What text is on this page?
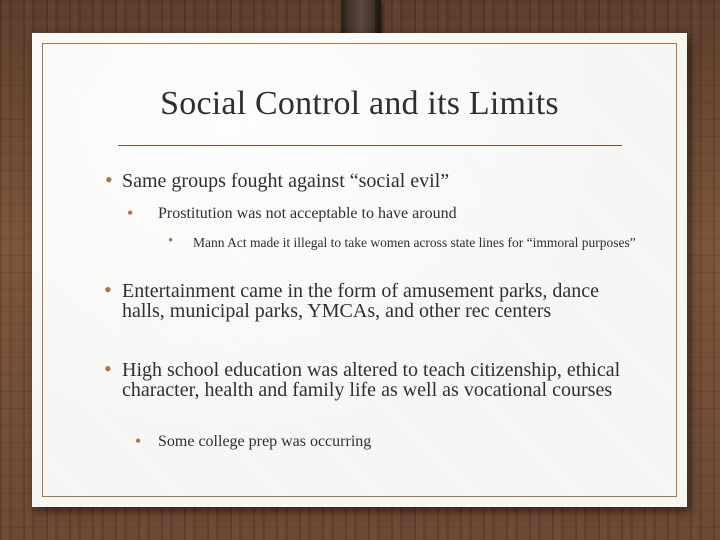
Social Control and its Limits
• Same groups fought against “social evil”
•	Prostitution was not acceptable to have around
•	Mann Act made it illegal to take women across state lines for “immoral purposes”
• Entertainment came in the form of amusement parks, dance halls, municipal parks, YMCAs, and other rec centers
• High school education was altered to teach citizenship, ethical character, health and family life as well as vocational courses
•	Some college prep was occurring
